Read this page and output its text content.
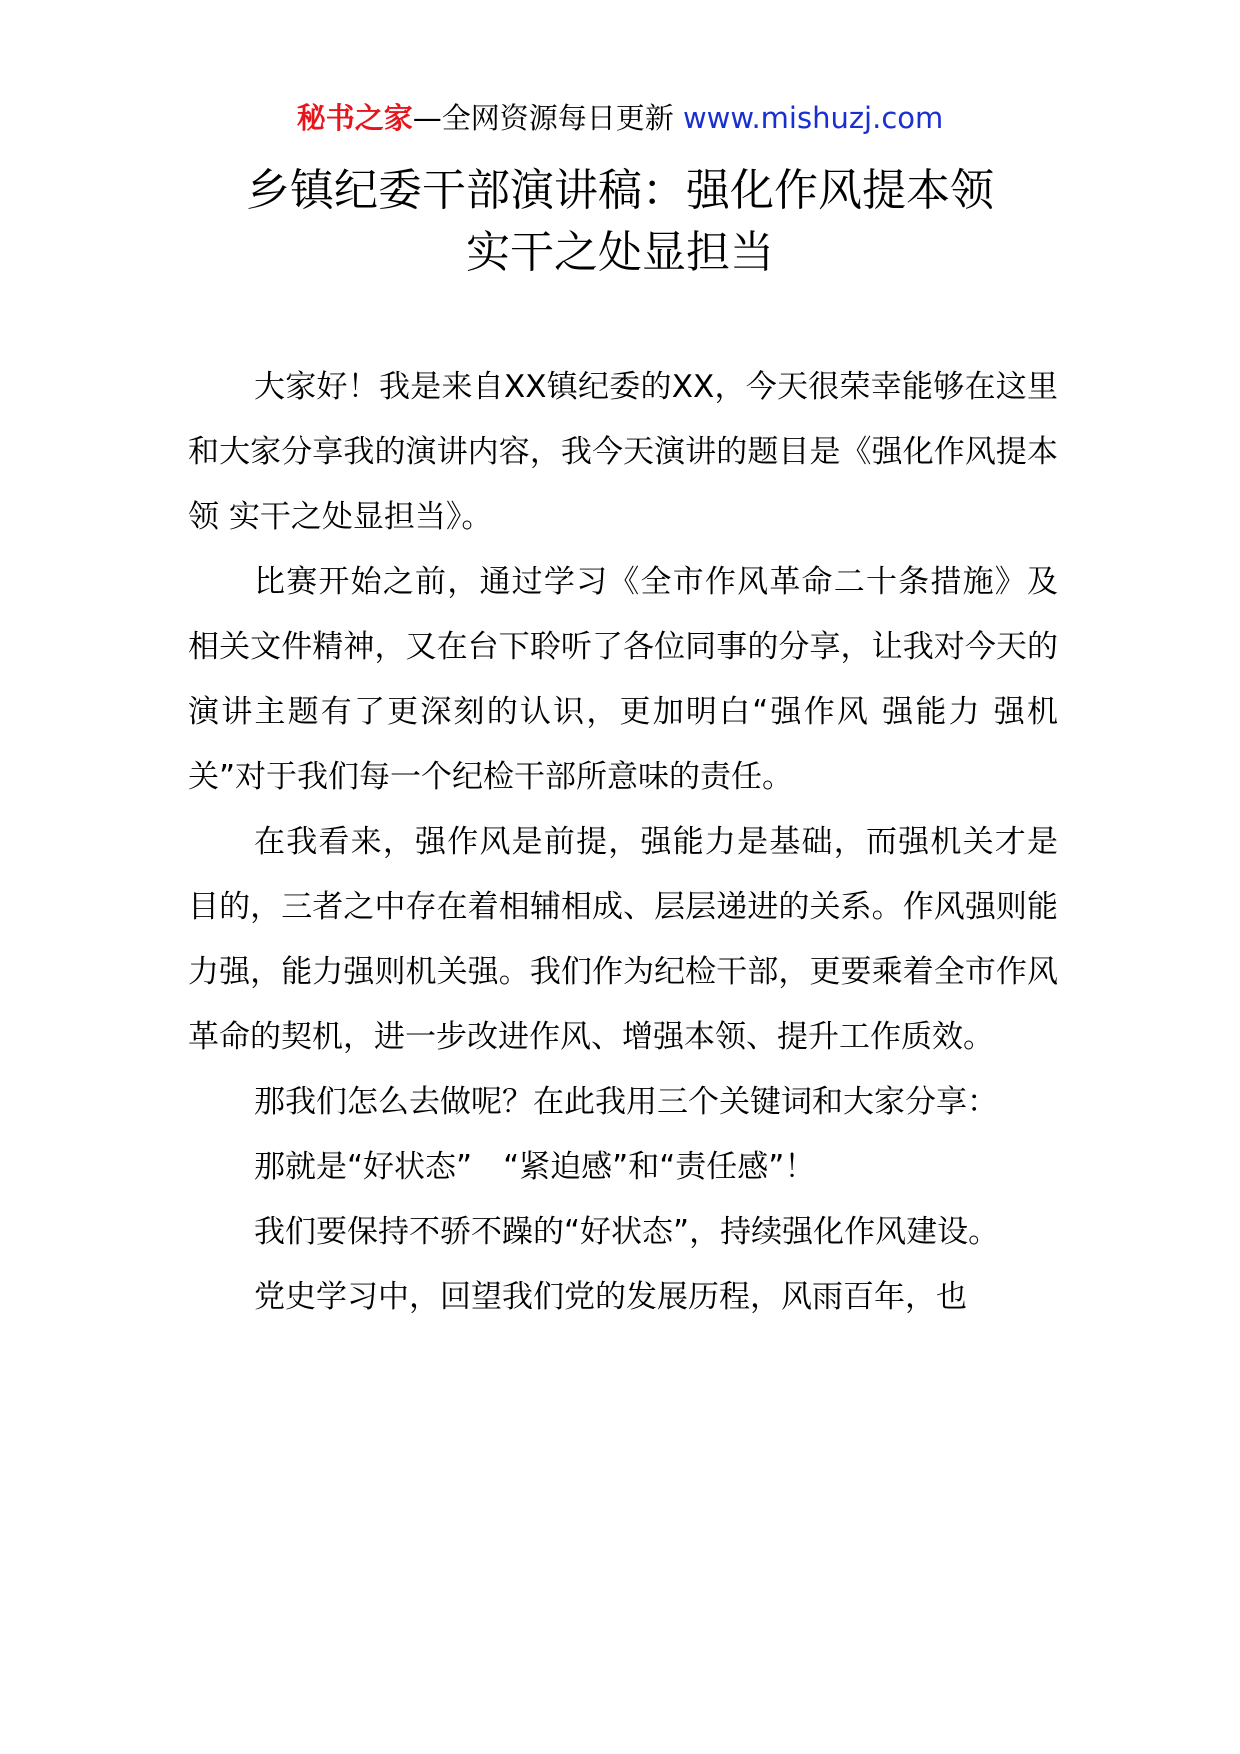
秘书之家—全网资源每日更新 www.mishuzj.com
乡镇纪委干部演讲稿：强化作风提本领
实干之处显担当

大家好！我是来自XX镇纪委的XX，今天很荣幸能够在这里和大家分享我的演讲内容，我今天演讲的题目是《强化作风提本领 实干之处显担当》。

比赛开始之前，通过学习《全市作风革命二十条措施》及相关文件精神，又在台下聆听了各位同事的分享，让我对今天的演讲主题有了更深刻的认识，更加明白“强作风 强能力 强机关”对于我们每一个纪检干部所意味的责任。

在我看来，强作风是前提，强能力是基础，而强机关才是目的，三者之中存在着相辅相成、层层递进的关系。作风强则能力强，能力强则机关强。我们作为纪检干部，更要乘着全市作风革命的契机，进一步改进作风、增强本领、提升工作质效。

那我们怎么去做呢？在此我用三个关键词和大家分享：

那就是“好状态”　“紧迫感”和“责任感”！

我们要保持不骄不躁的“好状态”，持续强化作风建设。

党史学习中，回望我们党的发展历程，风雨百年，也
